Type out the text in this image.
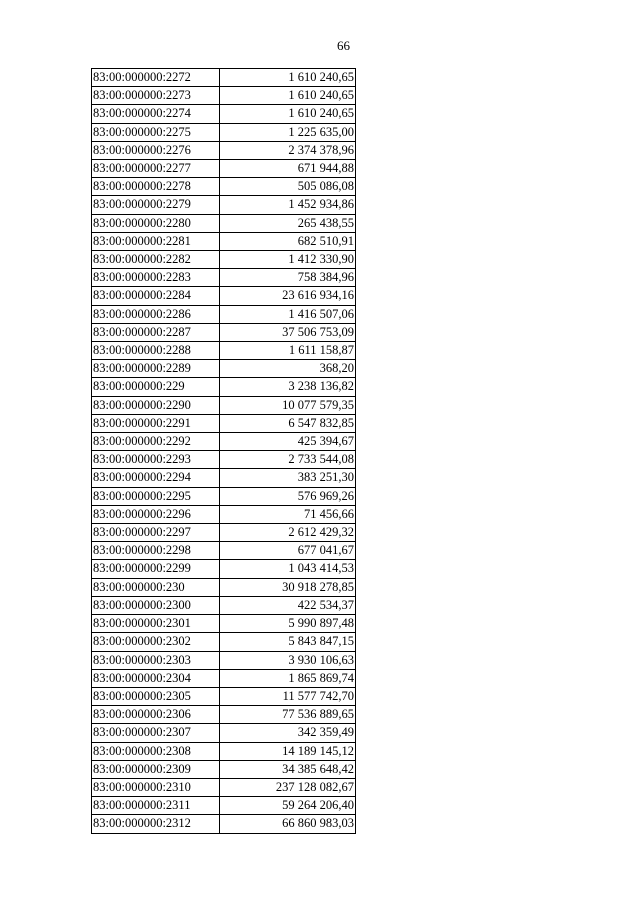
66
83:00:000000:2272	1 610 240,65
83:00:000000:2273	1 610 240,65
83:00:000000:2274	1 610 240,65
83:00:000000:2275	1 225 635,00
83:00:000000:2276	2 374 378,96
83:00:000000:2277	671 944,88
83:00:000000:2278	505 086,08
83:00:000000:2279	1 452 934,86
83:00:000000:2280	265 438,55
83:00:000000:2281	682 510,91
83:00:000000:2282	1 412 330,90
83:00:000000:2283	758 384,96
83:00:000000:2284	23 616 934,16
83:00:000000:2286	1 416 507,06
83:00:000000:2287	37 506 753,09
83:00:000000:2288	1 611 158,87
83:00:000000:2289	368,20
83:00:000000:229	3 238 136,82
83:00:000000:2290	10 077 579,35
83:00:000000:2291	6 547 832,85
83:00:000000:2292	425 394,67
83:00:000000:2293	2 733 544,08
83:00:000000:2294	383 251,30
83:00:000000:2295	576 969,26
83:00:000000:2296	71 456,66
83:00:000000:2297	2 612 429,32
83:00:000000:2298	677 041,67
83:00:000000:2299	1 043 414,53
83:00:000000:230	30 918 278,85
83:00:000000:2300	422 534,37
83:00:000000:2301	5 990 897,48
83:00:000000:2302	5 843 847,15
83:00:000000:2303	3 930 106,63
83:00:000000:2304	1 865 869,74
83:00:000000:2305	11 577 742,70
83:00:000000:2306	77 536 889,65
83:00:000000:2307	342 359,49
83:00:000000:2308	14 189 145,12
83:00:000000:2309	34 385 648,42
83:00:000000:2310	237 128 082,67
83:00:000000:2311	59 264 206,40
83:00:000000:2312	66 860 983,03
